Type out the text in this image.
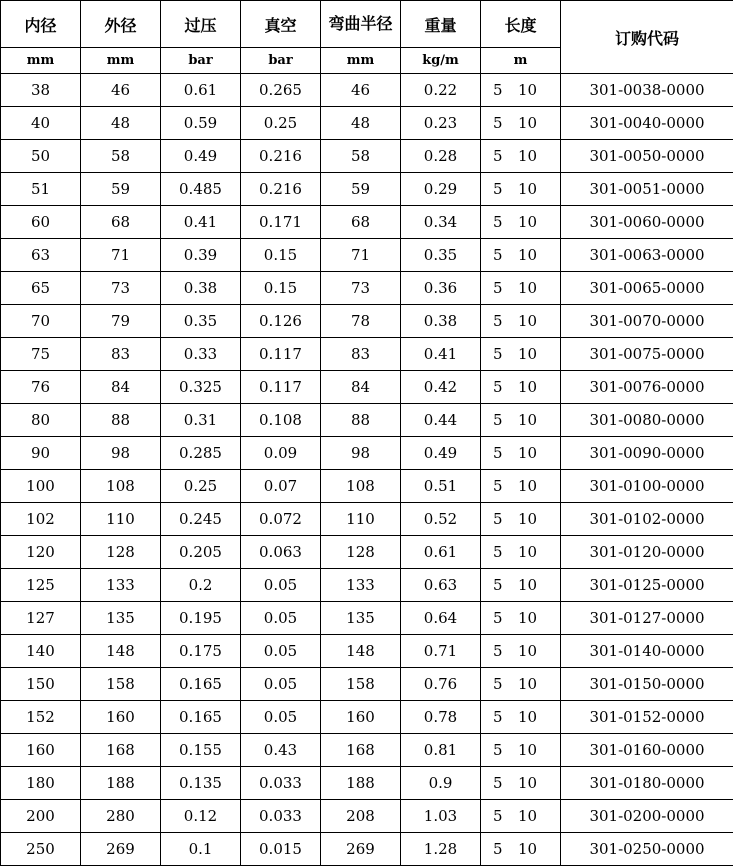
内径	外径	过压	真空	弯曲半径	重量	长度	订购代码
mm	mm	bar	bar	mm	kg/m	m	
38	46	0.61	0.265	46	0.22	5 10	301-0038-0000
40	48	0.59	0.25	48	0.23	5 10	301-0040-0000
50	58	0.49	0.216	58	0.28	5 10	301-0050-0000
51	59	0.485	0.216	59	0.29	5 10	301-0051-0000
60	68	0.41	0.171	68	0.34	5 10	301-0060-0000
63	71	0.39	0.15	71	0.35	5 10	301-0063-0000
65	73	0.38	0.15	73	0.36	5 10	301-0065-0000
70	79	0.35	0.126	78	0.38	5 10	301-0070-0000
75	83	0.33	0.117	83	0.41	5 10	301-0075-0000
76	84	0.325	0.117	84	0.42	5 10	301-0076-0000
80	88	0.31	0.108	88	0.44	5 10	301-0080-0000
90	98	0.285	0.09	98	0.49	5 10	301-0090-0000
100	108	0.25	0.07	108	0.51	5 10	301-0100-0000
102	110	0.245	0.072	110	0.52	5 10	301-0102-0000
120	128	0.205	0.063	128	0.61	5 10	301-0120-0000
125	133	0.2	0.05	133	0.63	5 10	301-0125-0000
127	135	0.195	0.05	135	0.64	5 10	301-0127-0000
140	148	0.175	0.05	148	0.71	5 10	301-0140-0000
150	158	0.165	0.05	158	0.76	5 10	301-0150-0000
152	160	0.165	0.05	160	0.78	5 10	301-0152-0000
160	168	0.155	0.43	168	0.81	5 10	301-0160-0000
180	188	0.135	0.033	188	0.9	5 10	301-0180-0000
200	280	0.12	0.033	208	1.03	5 10	301-0200-0000
250	269	0.1	0.015	269	1.28	5 10	301-0250-0000
